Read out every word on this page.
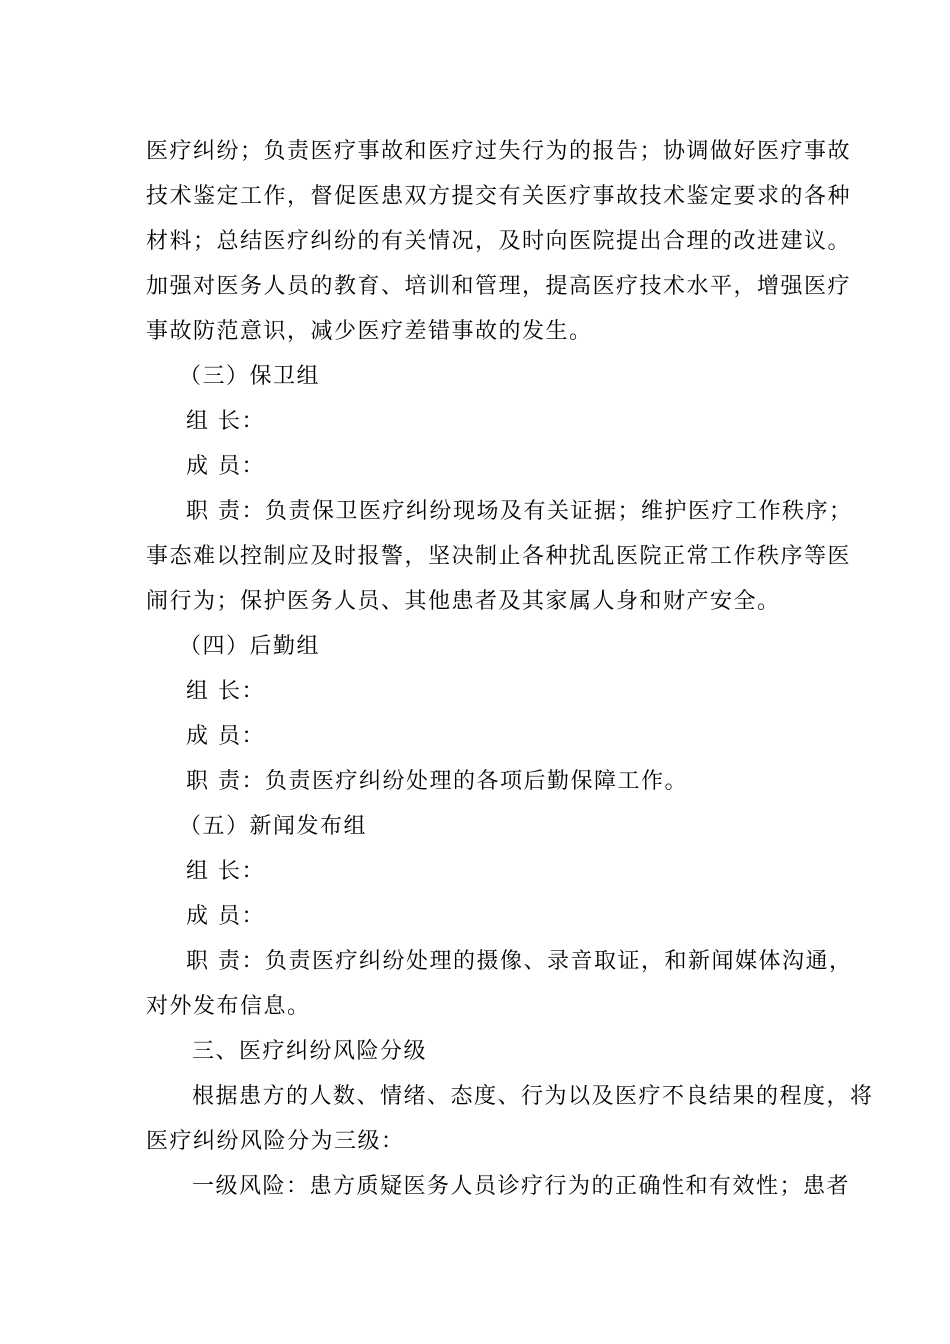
医疗纠纷；负责医疗事故和医疗过失行为的报告；协调做好医疗事故
技术鉴定工作，督促医患双方提交有关医疗事故技术鉴定要求的各种
材料；总结医疗纠纷的有关情况，及时向医院提出合理的改进建议。
加强对医务人员的教育、培训和管理，提高医疗技术水平，增强医疗
事故防范意识，减少医疗差错事故的发生。
（三）保卫组
组 长：
成 员：
职 责：负责保卫医疗纠纷现场及有关证据；维护医疗工作秩序；
事态难以控制应及时报警，坚决制止各种扰乱医院正常工作秩序等医
闹行为；保护医务人员、其他患者及其家属人身和财产安全。
（四）后勤组
组 长：
成 员：
职 责：负责医疗纠纷处理的各项后勤保障工作。
（五）新闻发布组
组 长：
成 员：
职 责：负责医疗纠纷处理的摄像、录音取证，和新闻媒体沟通，
对外发布信息。
三、医疗纠纷风险分级
根据患方的人数、情绪、态度、行为以及医疗不良结果的程度，将
医疗纠纷风险分为三级：
一级风险：患方质疑医务人员诊疗行为的正确性和有效性；患者
